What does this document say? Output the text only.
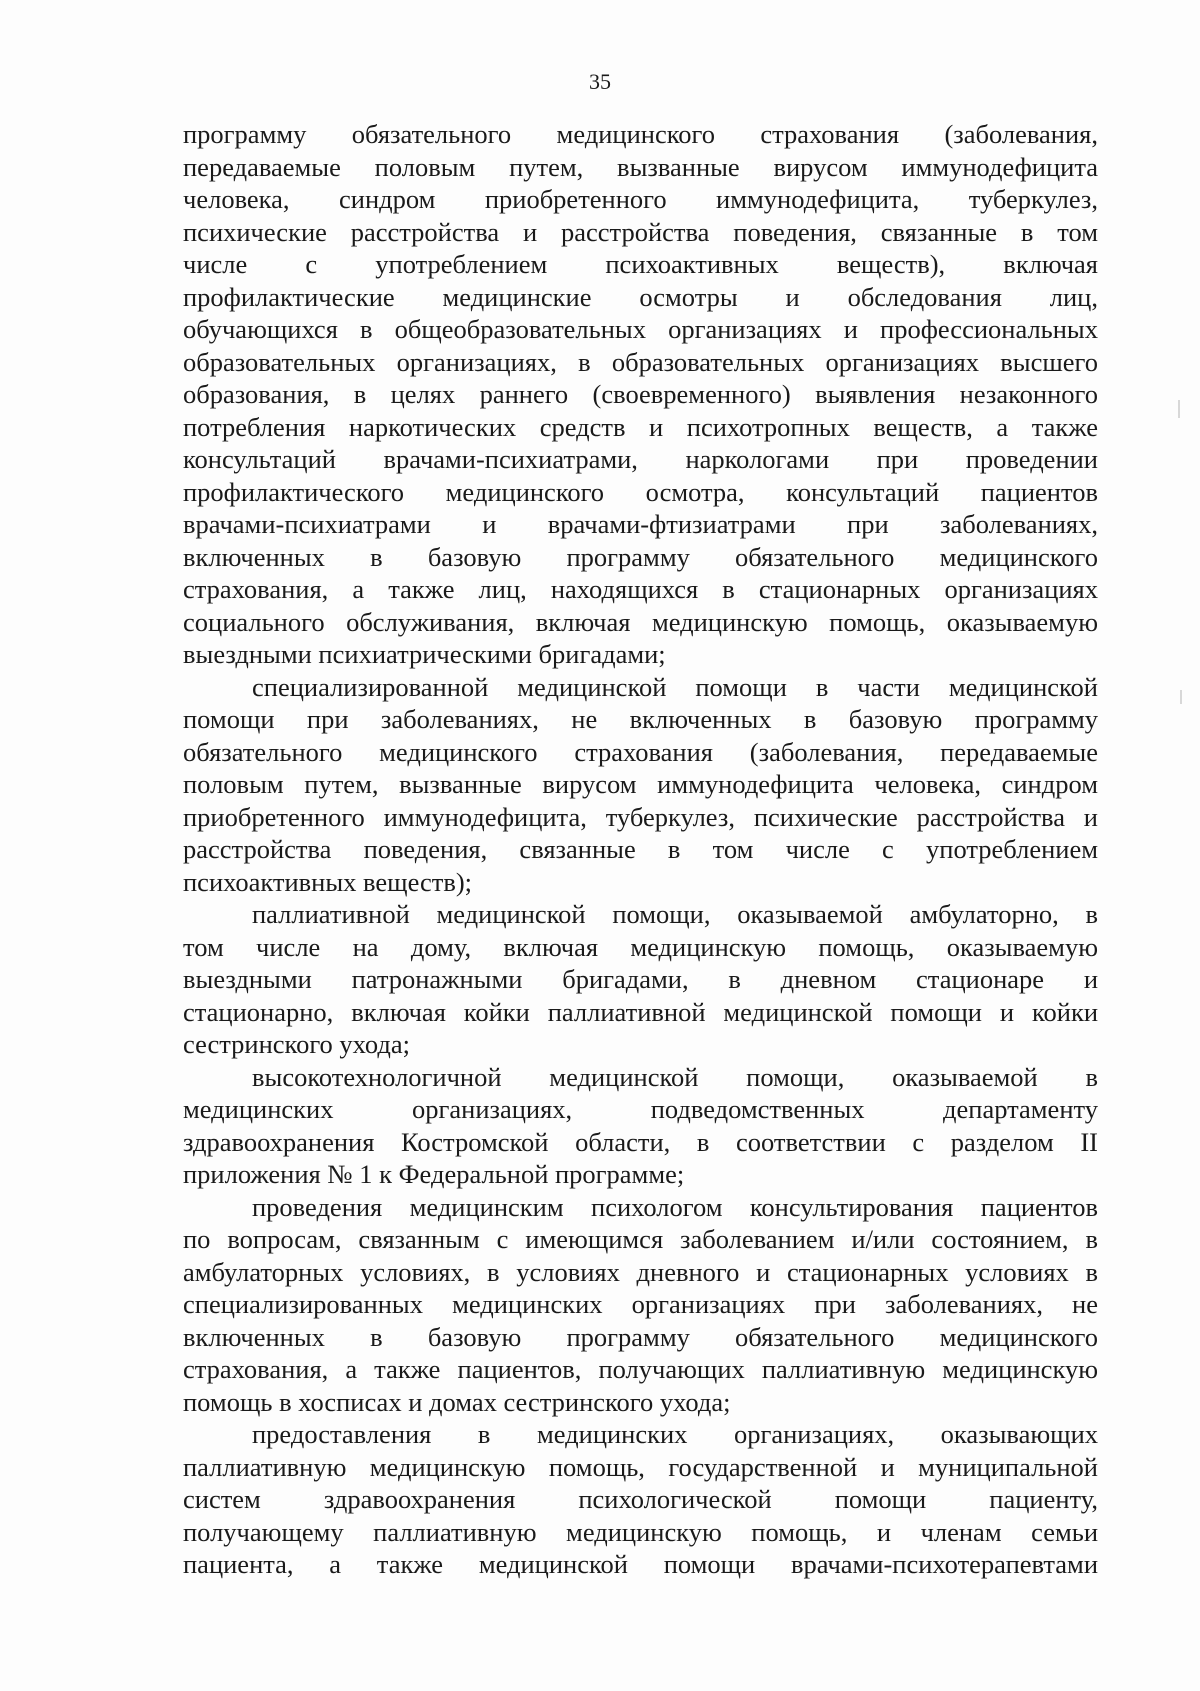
35
программу обязательного медицинского страхования (заболевания,
передаваемые половым путем, вызванные вирусом иммунодефицита
человека, синдром приобретенного иммунодефицита, туберкулез,
психические расстройства и расстройства поведения, связанные в том
числе с употреблением психоактивных веществ), включая
профилактические медицинские осмотры и обследования лиц,
обучающихся в общеобразовательных организациях и профессиональных
образовательных организациях, в образовательных организациях высшего
образования, в целях раннего (своевременного) выявления незаконного
потребления наркотических средств и психотропных веществ, а также
консультаций врачами-психиатрами, наркологами при проведении
профилактического медицинского осмотра, консультаций пациентов
врачами-психиатрами и врачами-фтизиатрами при заболеваниях,
включенных в базовую программу обязательного медицинского
страхования, а также лиц, находящихся в стационарных организациях
социального обслуживания, включая медицинскую помощь, оказываемую
выездными психиатрическими бригадами;
специализированной медицинской помощи в части медицинской
помощи при заболеваниях, не включенных в базовую программу
обязательного медицинского страхования (заболевания, передаваемые
половым путем, вызванные вирусом иммунодефицита человека, синдром
приобретенного иммунодефицита, туберкулез, психические расстройства и
расстройства поведения, связанные в том числе с употреблением
психоактивных веществ);
паллиативной медицинской помощи, оказываемой амбулаторно, в
том числе на дому, включая медицинскую помощь, оказываемую
выездными патронажными бригадами, в дневном стационаре и
стационарно, включая койки паллиативной медицинской помощи и койки
сестринского ухода;
высокотехнологичной медицинской помощи, оказываемой в
медицинских организациях, подведомственных департаменту
здравоохранения Костромской области, в соответствии с разделом II
приложения № 1 к Федеральной программе;
проведения медицинским психологом консультирования пациентов
по вопросам, связанным с имеющимся заболеванием и/или состоянием, в
амбулаторных условиях, в условиях дневного и стационарных условиях в
специализированных медицинских организациях при заболеваниях, не
включенных в базовую программу обязательного медицинского
страхования, а также пациентов, получающих паллиативную медицинскую
помощь в хосписах и домах сестринского ухода;
предоставления в медицинских организациях, оказывающих
паллиативную медицинскую помощь, государственной и муниципальной
систем здравоохранения психологической помощи пациенту,
получающему паллиативную медицинскую помощь, и членам семьи
пациента, а также медицинской помощи врачами-психотерапевтами
